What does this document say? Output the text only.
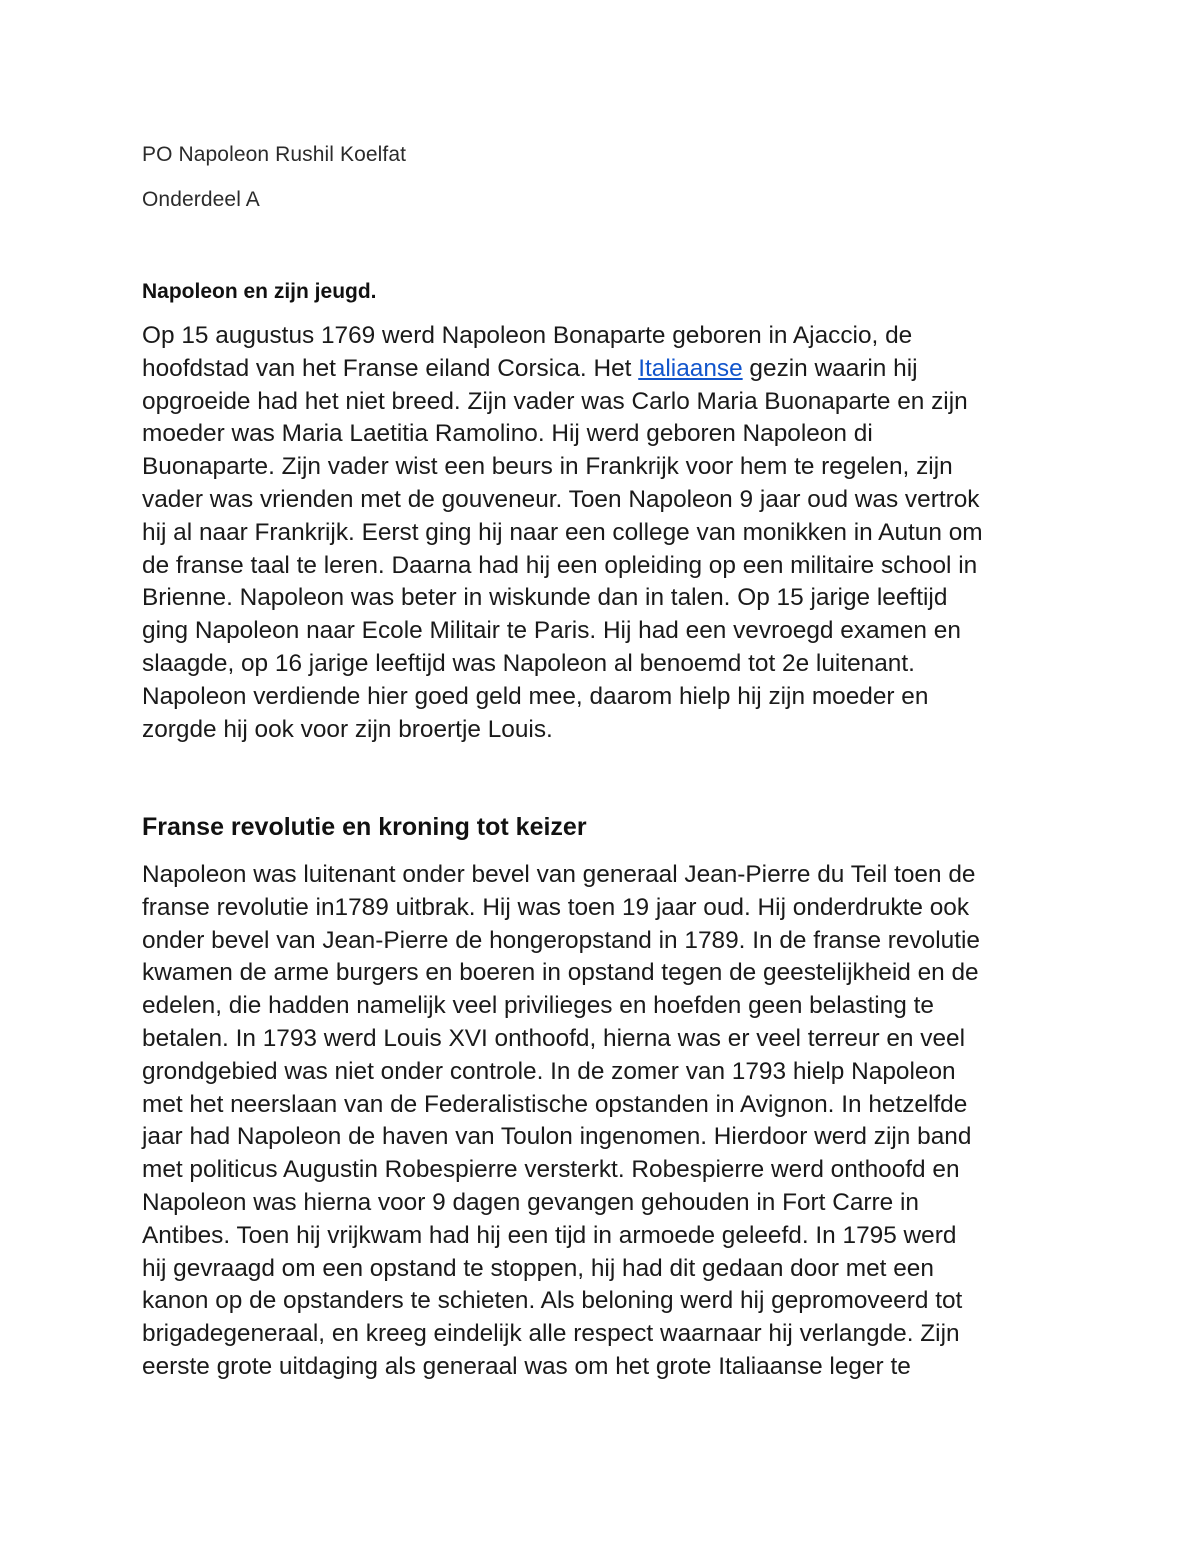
PO Napoleon Rushil Koelfat

Onderdeel A

Napoleon en zijn jeugd.
Op 15 augustus 1769 werd Napoleon Bonaparte geboren in Ajaccio, de
hoofdstad van het Franse eiland Corsica. Het Italiaanse gezin waarin hij
opgroeide had het niet breed. Zijn vader was Carlo Maria Buonaparte en zijn
moeder was Maria Laetitia Ramolino. Hij werd geboren Napoleon di
Buonaparte. Zijn vader wist een beurs in Frankrijk voor hem te regelen, zijn
vader was vrienden met de gouveneur. Toen Napoleon 9 jaar oud was vertrok
hij al naar Frankrijk. Eerst ging hij naar een college van monikken in Autun om
de franse taal te leren. Daarna had hij een opleiding op een militaire school in
Brienne. Napoleon was beter in wiskunde dan in talen. Op 15 jarige leeftijd
ging Napoleon naar Ecole Militair te Paris. Hij had een vevroegd examen en
slaagde, op 16 jarige leeftijd was Napoleon al benoemd tot 2e luitenant.
Napoleon verdiende hier goed geld mee, daarom hielp hij zijn moeder en
zorgde hij ook voor zijn broertje Louis.
Franse revolutie en kroning tot keizer
Napoleon was luitenant onder bevel van generaal Jean-Pierre du Teil toen de
franse revolutie in1789 uitbrak. Hij was toen 19 jaar oud. Hij onderdrukte ook
onder bevel van Jean-Pierre de hongeropstand in 1789. In de franse revolutie
kwamen de arme burgers en boeren in opstand tegen de geestelijkheid en de
edelen, die hadden namelijk veel privilieges en hoefden geen belasting te
betalen. In 1793 werd Louis XVI onthoofd, hierna was er veel terreur en veel
grondgebied was niet onder controle. In de zomer van 1793 hielp Napoleon
met het neerslaan van de Federalistische opstanden in Avignon. In hetzelfde
jaar had Napoleon de haven van Toulon ingenomen. Hierdoor werd zijn band
met politicus Augustin Robespierre versterkt. Robespierre werd onthoofd en
Napoleon was hierna voor 9 dagen gevangen gehouden in Fort Carre in
Antibes. Toen hij vrijkwam had hij een tijd in armoede geleefd. In 1795 werd
hij gevraagd om een opstand te stoppen, hij had dit gedaan door met een
kanon op de opstanders te schieten. Als beloning werd hij gepromoveerd tot
brigadegeneraal, en kreeg eindelijk alle respect waarnaar hij verlangde. Zijn
eerste grote uitdaging als generaal was om het grote Italiaanse leger te
